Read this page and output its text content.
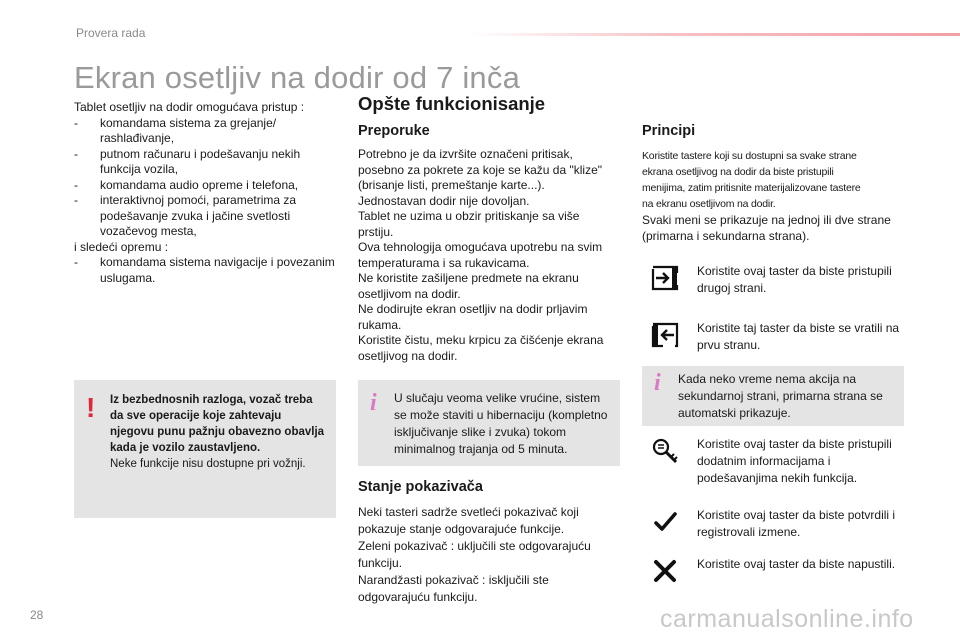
Provera rada
Ekran osetljiv na dodir od 7 inča

Tablet osetljiv na dodir omogućava pristup :

- komandama sistema za grejanje/ rashlađivanje,
- putnom računaru i podešavanju nekih funkcija vozila,
- komandama audio opreme i telefona,
- interaktivnoj pomoći, parametrima za podešavanje zvuka i jačine svetlosti vozačevog mesta,

i sledeći opremu :

- komandama sistema navigacije i povezanim uslugama.
! Iz bezbednosnih razloga, vozač treba da sve operacije koje zahtevaju njegovu punu pažnju obavezno obavlja kada je vozilo zaustavljeno.
Neke funkcije nisu dostupne pri vožnji.
Opšte funkcionisanje
Preporuke
Potrebno je da izvršite označeni pritisak,
posebno za pokrete za koje se kažu da "klize"
(brisanje listi, premeštanje karte...).
Jednostavan dodir nije dovoljan.
Tablet ne uzima u obzir pritiskanje sa više
prstiju.
Ova tehnologija omogućava upotrebu na svim
temperaturama i sa rukavicama.
Ne koristite zašiljene predmete na ekranu
osetljivom na dodir.
Ne dodirujte ekran osetljiv na dodir prljavim
rukama.
Koristite čistu, meku krpicu za čišćenje ekrana
osetljivog na dodir.
i U slučaju veoma velike vrućine, sistem se može staviti u hibernaciju (kompletno isključivanje slike i zvuka) tokom minimalnog trajanja od 5 minuta.
Stanje pokazivača
Neki tasteri sadrže svetleći pokazivač koji
pokazuje stanje odgovarajuće funkcije.
Zeleni pokazivač : uključili ste odgovarajuću
funkciju.
Narandžasti pokazivač : isključili ste
odgovarajuću funkciju.
Principi
Koristite tastere koji su dostupni sa svake strane
ekrana osetljivog na dodir da biste pristupili
menijima, zatim pritisnite materijalizovane tastere
na ekranu osetljivom na dodir.
Svaki meni se prikazuje na jednoj ili dve strane
(primarna i sekundarna strana).
Koristite ovaj taster da biste pristupili drugoj strani.
Koristite taj taster da biste se vratili na prvu stranu.
i Kada neko vreme nema akcija na sekundarnoj strani, primarna strana se automatski prikazuje.
Koristite ovaj taster da biste pristupili dodatnim informacijama i podešavanjima nekih funkcija.
Koristite ovaj taster da biste potvrdili i registrovali izmene.
Koristite ovaj taster da biste napustili.
28	carmanualsonline.info
